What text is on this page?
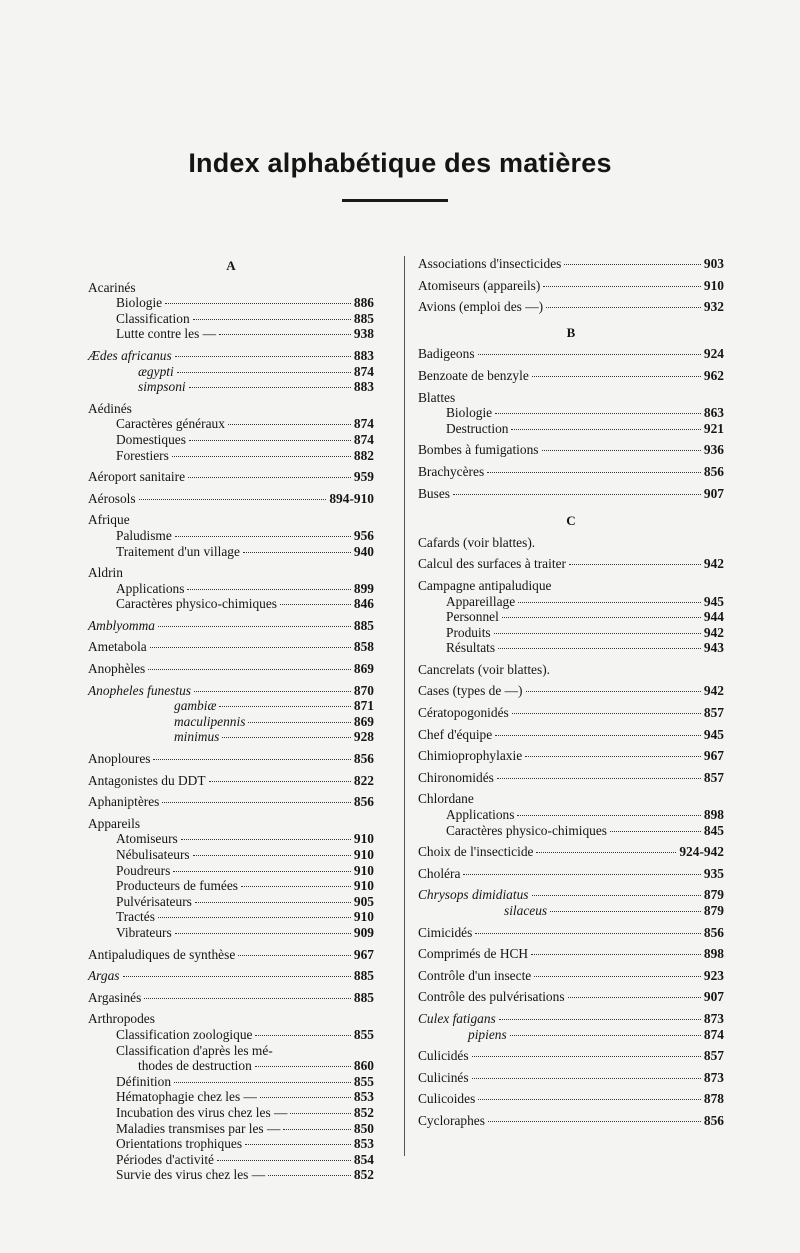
Index alphabétique des matières
A
Acarinés
Biologie	886
Classification	885
Lutte contre les —	938
Ædes africanus	883
ægypti	874
simpsoni	883
Aédinés
Caractères généraux	874
Domestiques	874
Forestiers	882
Aéroport sanitaire	959
Aérosols	894-910
Afrique
Paludisme	956
Traitement d'un village	940
Aldrin
Applications	899
Caractères physico-chimiques	846
Amblyomma	885
Ametabola	858
Anophèles	869
Anopheles funestus	870
gambiæ	871
maculipennis	869
minimus	928
Anoploures	856
Antagonistes du DDT	822
Aphaniptères	856
Appareils
Atomiseurs	910
Nébulisateurs	910
Poudreurs	910
Producteurs de fumées	910
Pulvérisateurs	905
Tractés	910
Vibrateurs	909
Antipaludiques de synthèse	967
Argas	885
Argasinés	885
Arthropodes
Classification zoologique	855
Classification d'après les mé-
thodes de destruction	860
Définition	855
Hématophagie chez les —	853
Incubation des virus chez les —	852
Maladies transmises par les —	850
Orientations trophiques	853
Périodes d'activité	854
Survie des virus chez les —	852
Associations d'insecticides	903
Atomiseurs (appareils)	910
Avions (emploi des —)	932
B
Badigeons	924
Benzoate de benzyle	962
Blattes
Biologie	863
Destruction	921
Bombes à fumigations	936
Brachycères	856
Buses	907
C
Cafards (voir blattes).
Calcul des surfaces à traiter	942
Campagne antipaludique
Appareillage	945
Personnel	944
Produits	942
Résultats	943
Cancrelats (voir blattes).
Cases (types de —)	942
Cératopogonidés	857
Chef d'équipe	945
Chimioprophylaxie	967
Chironomidés	857
Chlordane
Applications	898
Caractères physico-chimiques	845
Choix de l'insecticide	924-942
Choléra	935
Chrysops dimidiatus	879
silaceus	879
Cimicidés	856
Comprimés de HCH	898
Contrôle d'un insecte	923
Contrôle des pulvérisations	907
Culex fatigans	873
pipiens	874
Culicidés	857
Culicinés	873
Culicoides	878
Cycloraphes	856
